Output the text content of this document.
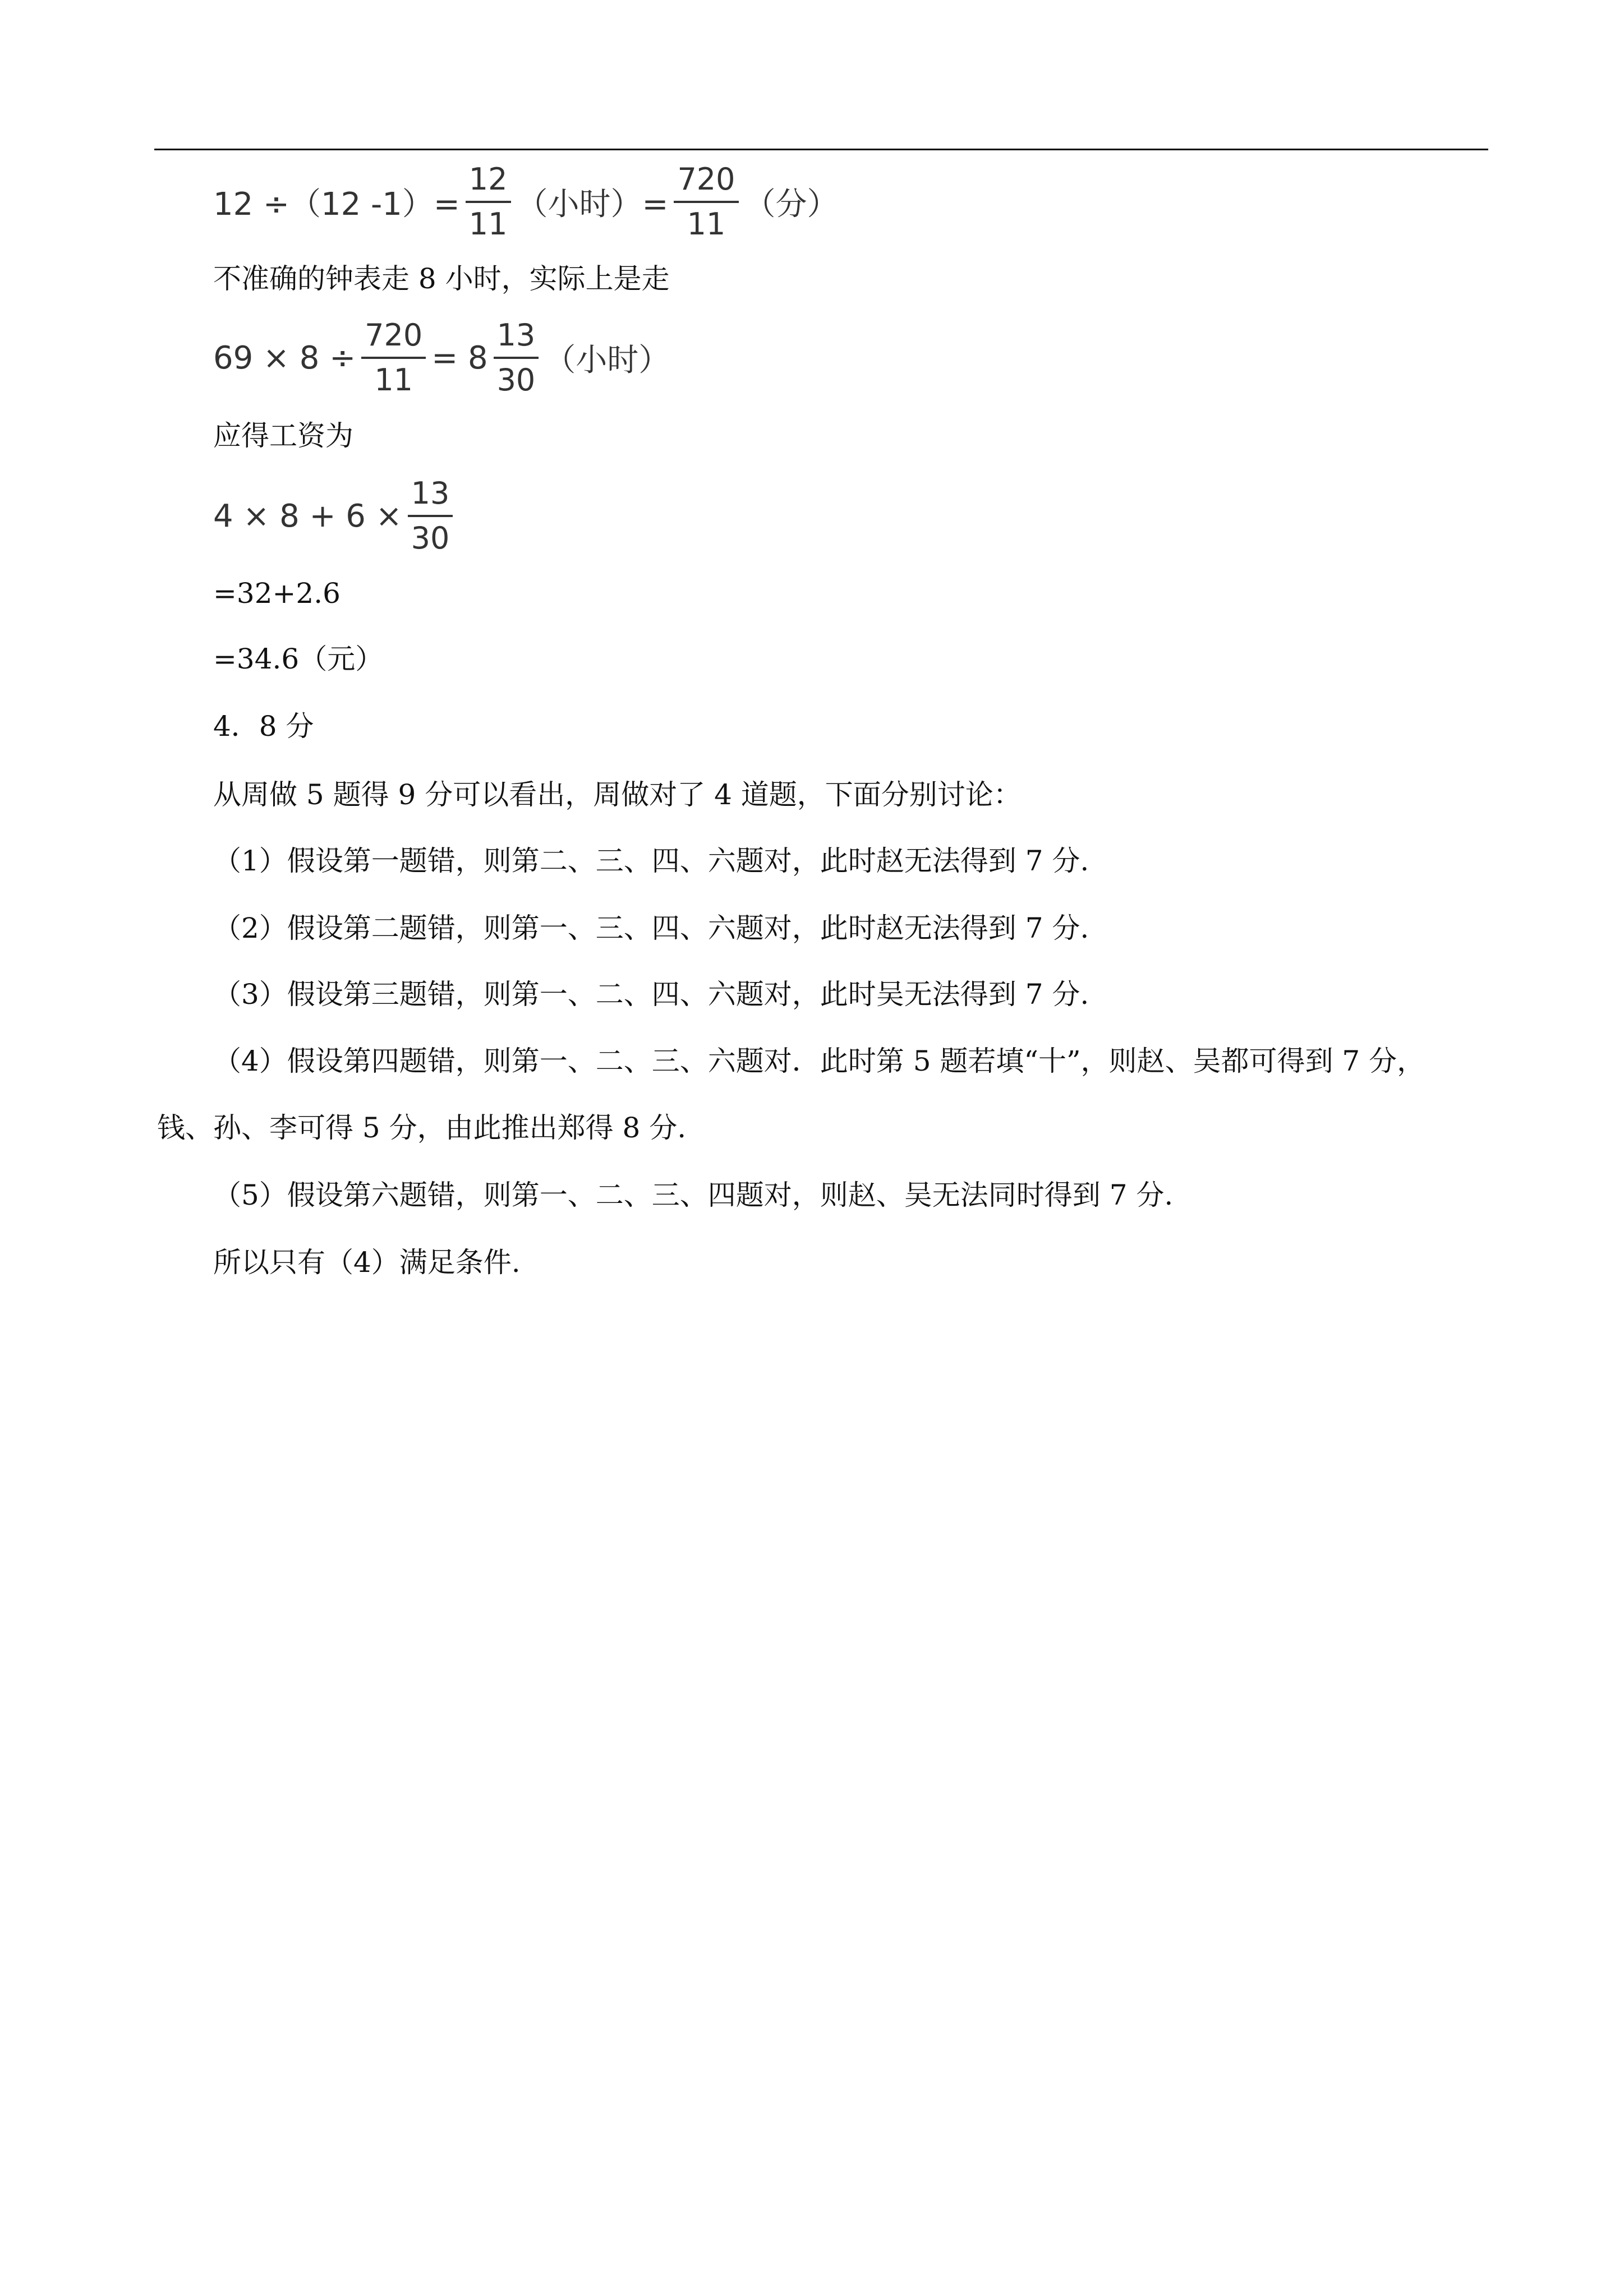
12 ÷（12 $-1)= \frac{12}{11}$ （小时）= $\frac{720}{11}$ （分）
不准确的钟表走 8 小时，实际上是走
$69 \times 8 \div \frac{720}{11} = 8 \frac{13}{30}$ （小时）
应得工资为
$4 \times 8 + 6 \times \frac{13}{30}$
=32+2.6
=34.6（元）
4．8 分
从周做 5 题得 9 分可以看出，周做对了 4 道题，下面分别讨论：
（1）假设第一题错，则第二、三、四、六题对，此时赵无法得到 7 分.
（2）假设第二题错，则第一、三、四、六题对，此时赵无法得到 7 分.
（3）假设第三题错，则第一、二、四、六题对，此时吴无法得到 7 分.
（4）假设第四题错，则第一、二、三、六题对．此时第 5 题若填“十”，则赵、吴都可得到 7 分，
钱、孙、李可得 5 分，由此推出郑得 8 分.
（5）假设第六题错，则第一、二、三、四题对，则赵、吴无法同时得到 7 分.
所以只有（4）满足条件.
